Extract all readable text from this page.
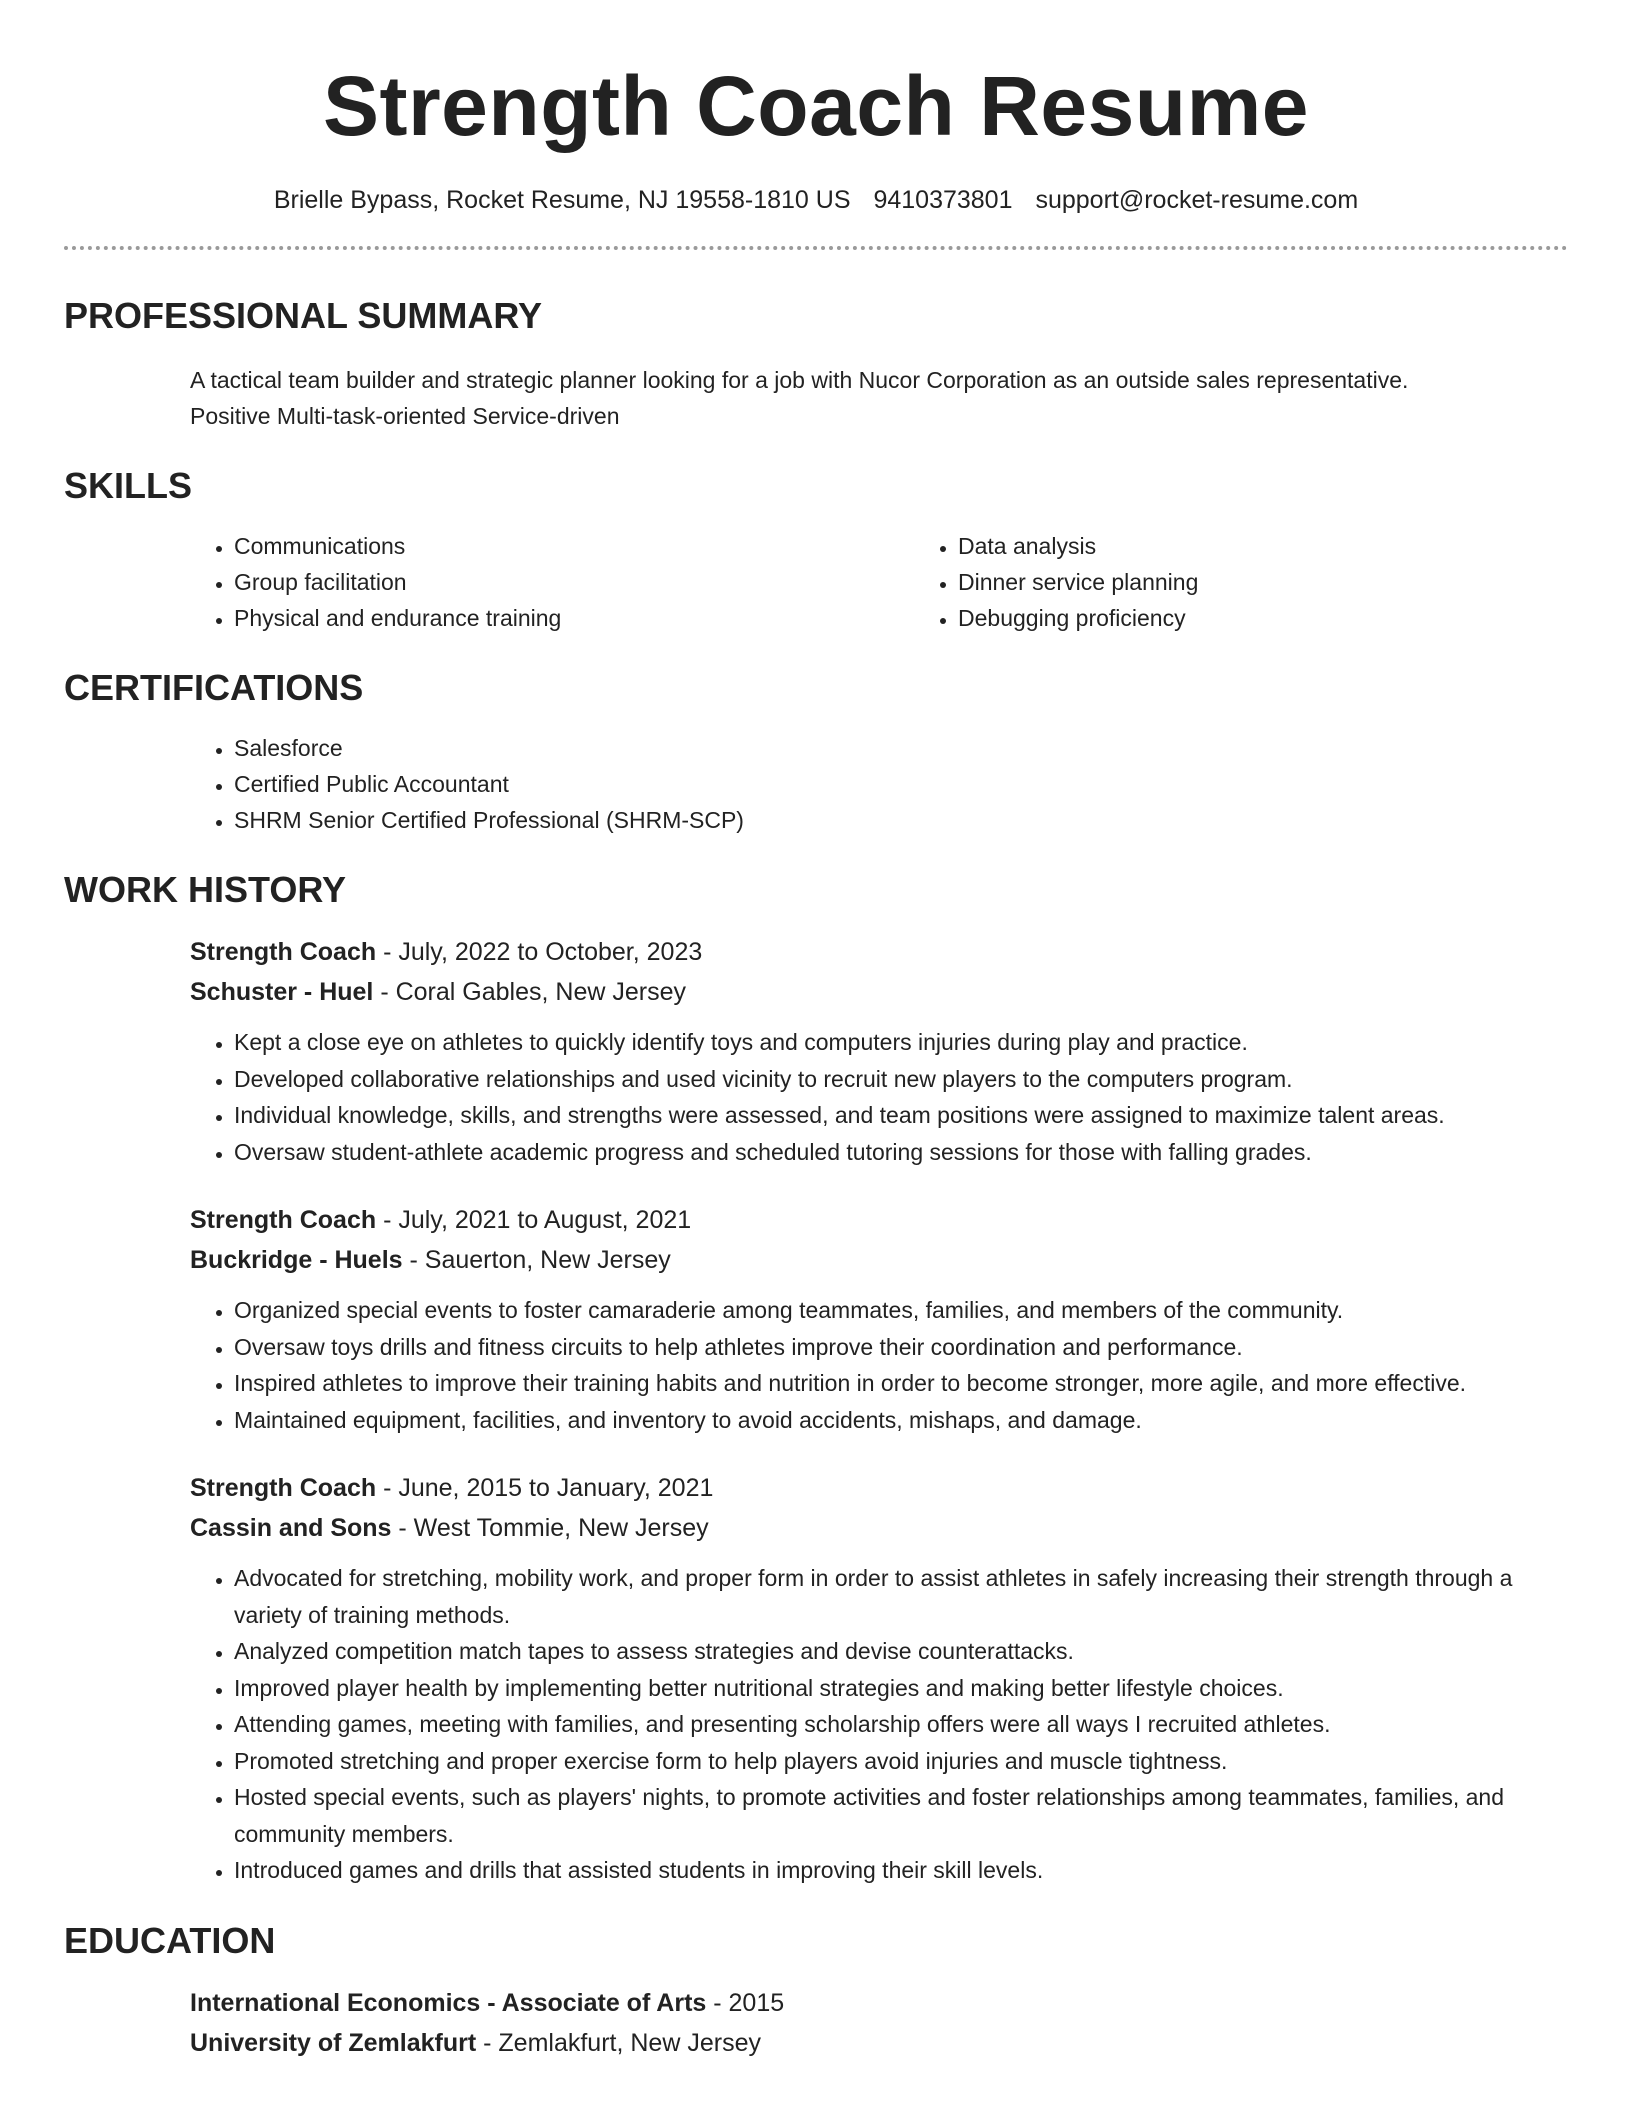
Strength Coach Resume
Brielle Bypass, Rocket Resume, NJ 19558-1810 US 9410373801 support@rocket-resume.com
PROFESSIONAL SUMMARY
A tactical team builder and strategic planner looking for a job with Nucor Corporation as an outside sales representative.
Positive Multi-task-oriented Service-driven
SKILLS
• Communications
• Group facilitation
• Physical and endurance training
• Data analysis
• Dinner service planning
• Debugging proficiency
CERTIFICATIONS
• Salesforce
• Certified Public Accountant
• SHRM Senior Certified Professional (SHRM-SCP)
WORK HISTORY
Strength Coach - July, 2022 to October, 2023
Schuster - Huel - Coral Gables, New Jersey
• Kept a close eye on athletes to quickly identify toys and computers injuries during play and practice.
• Developed collaborative relationships and used vicinity to recruit new players to the computers program.
• Individual knowledge, skills, and strengths were assessed, and team positions were assigned to maximize talent areas.
• Oversaw student-athlete academic progress and scheduled tutoring sessions for those with falling grades.
Strength Coach - July, 2021 to August, 2021
Buckridge - Huels - Sauerton, New Jersey
• Organized special events to foster camaraderie among teammates, families, and members of the community.
• Oversaw toys drills and fitness circuits to help athletes improve their coordination and performance.
• Inspired athletes to improve their training habits and nutrition in order to become stronger, more agile, and more effective.
• Maintained equipment, facilities, and inventory to avoid accidents, mishaps, and damage.
Strength Coach - June, 2015 to January, 2021
Cassin and Sons - West Tommie, New Jersey
• Advocated for stretching, mobility work, and proper form in order to assist athletes in safely increasing their strength through a variety of training methods.
• Analyzed competition match tapes to assess strategies and devise counterattacks.
• Improved player health by implementing better nutritional strategies and making better lifestyle choices.
• Attending games, meeting with families, and presenting scholarship offers were all ways I recruited athletes.
• Promoted stretching and proper exercise form to help players avoid injuries and muscle tightness.
• Hosted special events, such as players' nights, to promote activities and foster relationships among teammates, families, and community members.
• Introduced games and drills that assisted students in improving their skill levels.
EDUCATION
International Economics - Associate of Arts - 2015
University of Zemlakfurt - Zemlakfurt, New Jersey
